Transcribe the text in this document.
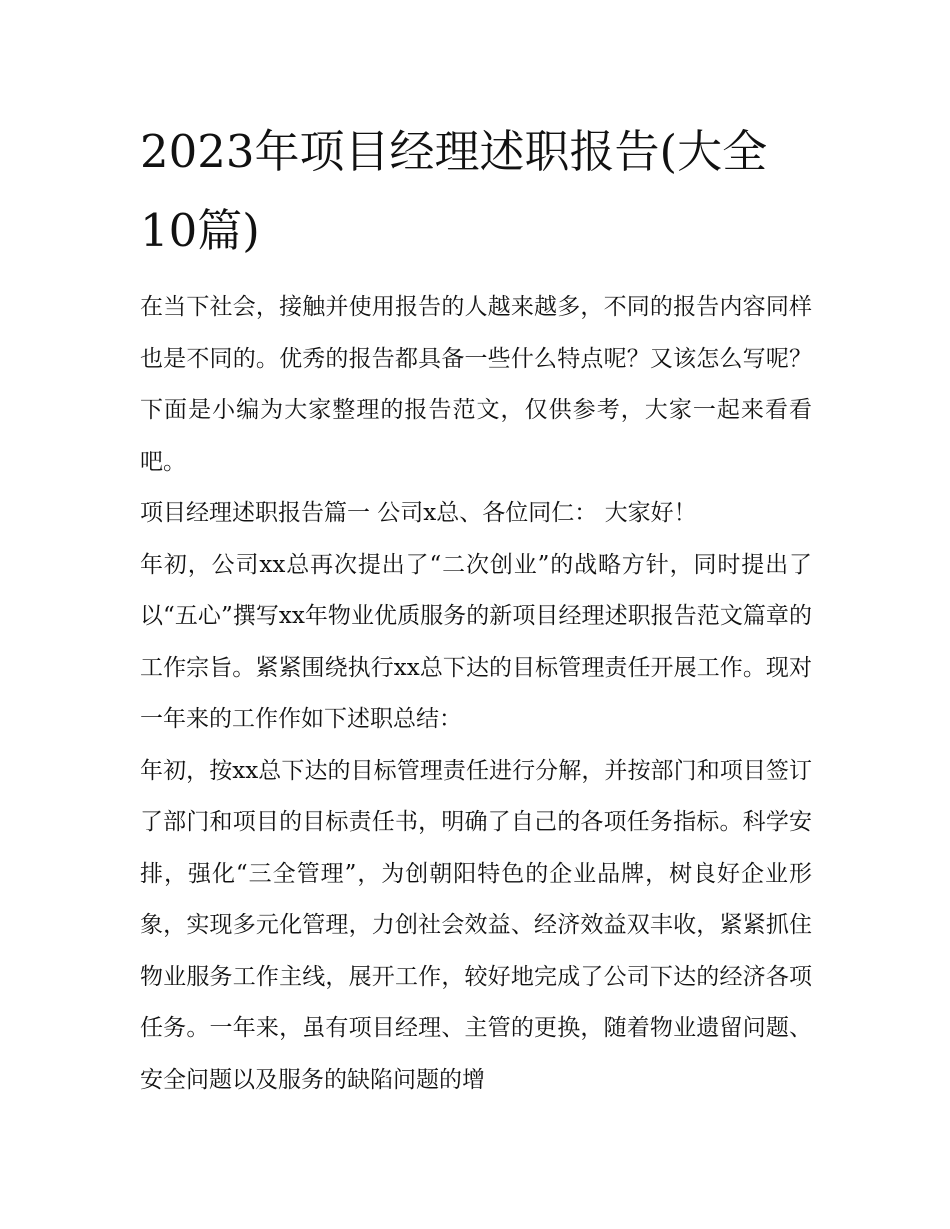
2023年项目经理述职报告(大全10篇)

在当下社会，接触并使用报告的人越来越多，不同的报告内容同样也是不同的。优秀的报告都具备一些什么特点呢？又该怎么写呢？下面是小编为大家整理的报告范文，仅供参考，大家一起来看看吧。

项目经理述职报告篇一 公司x总、各位同仁： 大家好！

年初，公司xx总再次提出了“二次创业”的战略方针，同时提出了以“五心”撰写xx年物业优质服务的新项目经理述职报告范文篇章的工作宗旨。紧紧围绕执行xx总下达的目标管理责任开展工作。现对一年来的工作作如下述职总结：

年初，按xx总下达的目标管理责任进行分解，并按部门和项目签订了部门和项目的目标责任书，明确了自己的各项任务指标。科学安排，强化“三全管理”，为创朝阳特色的企业品牌，树良好企业形象，实现多元化管理，力创社会效益、经济效益双丰收，紧紧抓住物业服务工作主线，展开工作，较好地完成了公司下达的经济各项任务。一年来，虽有项目经理、主管的更换，随着物业遗留问题、安全问题以及服务的缺陷问题的增
